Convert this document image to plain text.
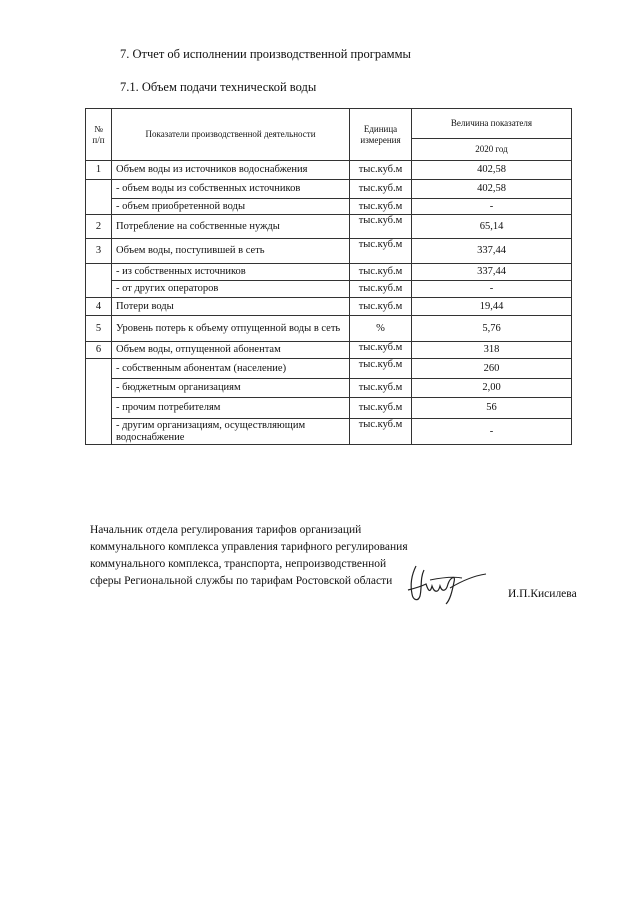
7. Отчет об исполнении производственной программы
7.1. Объем подачи технической воды
№ п/п	Показатели производственной деятельности	Единица измерения	Величина показателя
			2020 год
1	Объем воды из источников водоснабжения	тыс.куб.м	402,58
	- объем воды из собственных источников	тыс.куб.м	402,58
	- объем приобретенной воды	тыс.куб.м	-
2	Потребление на собственные нужды	тыс.куб.м	65,14
3	Объем воды, поступившей в сеть	тыс.куб.м	337,44
	- из собственных источников	тыс.куб.м	337,44
	- от других операторов	тыс.куб.м	-
4	Потери воды	тыс.куб.м	19,44
5	Уровень потерь к объему отпущенной воды в сеть	%	5,76
6	Объем воды, отпущенной абонентам	тыс.куб.м	318
	- собственным абонентам (население)	тыс.куб.м	260
	- бюджетным организациям	тыс.куб.м	2,00
	- прочим потребителям	тыс.куб.м	56
	- другим организациям, осуществляющим водоснабжение	тыс.куб.м	-
Начальник отдела регулирования тарифов организаций коммунального комплекса управления тарифного регулирования коммунального комплекса, транспорта, непроизводственной сферы Региональной службы по тарифам Ростовской области
И.П.Кисилева
